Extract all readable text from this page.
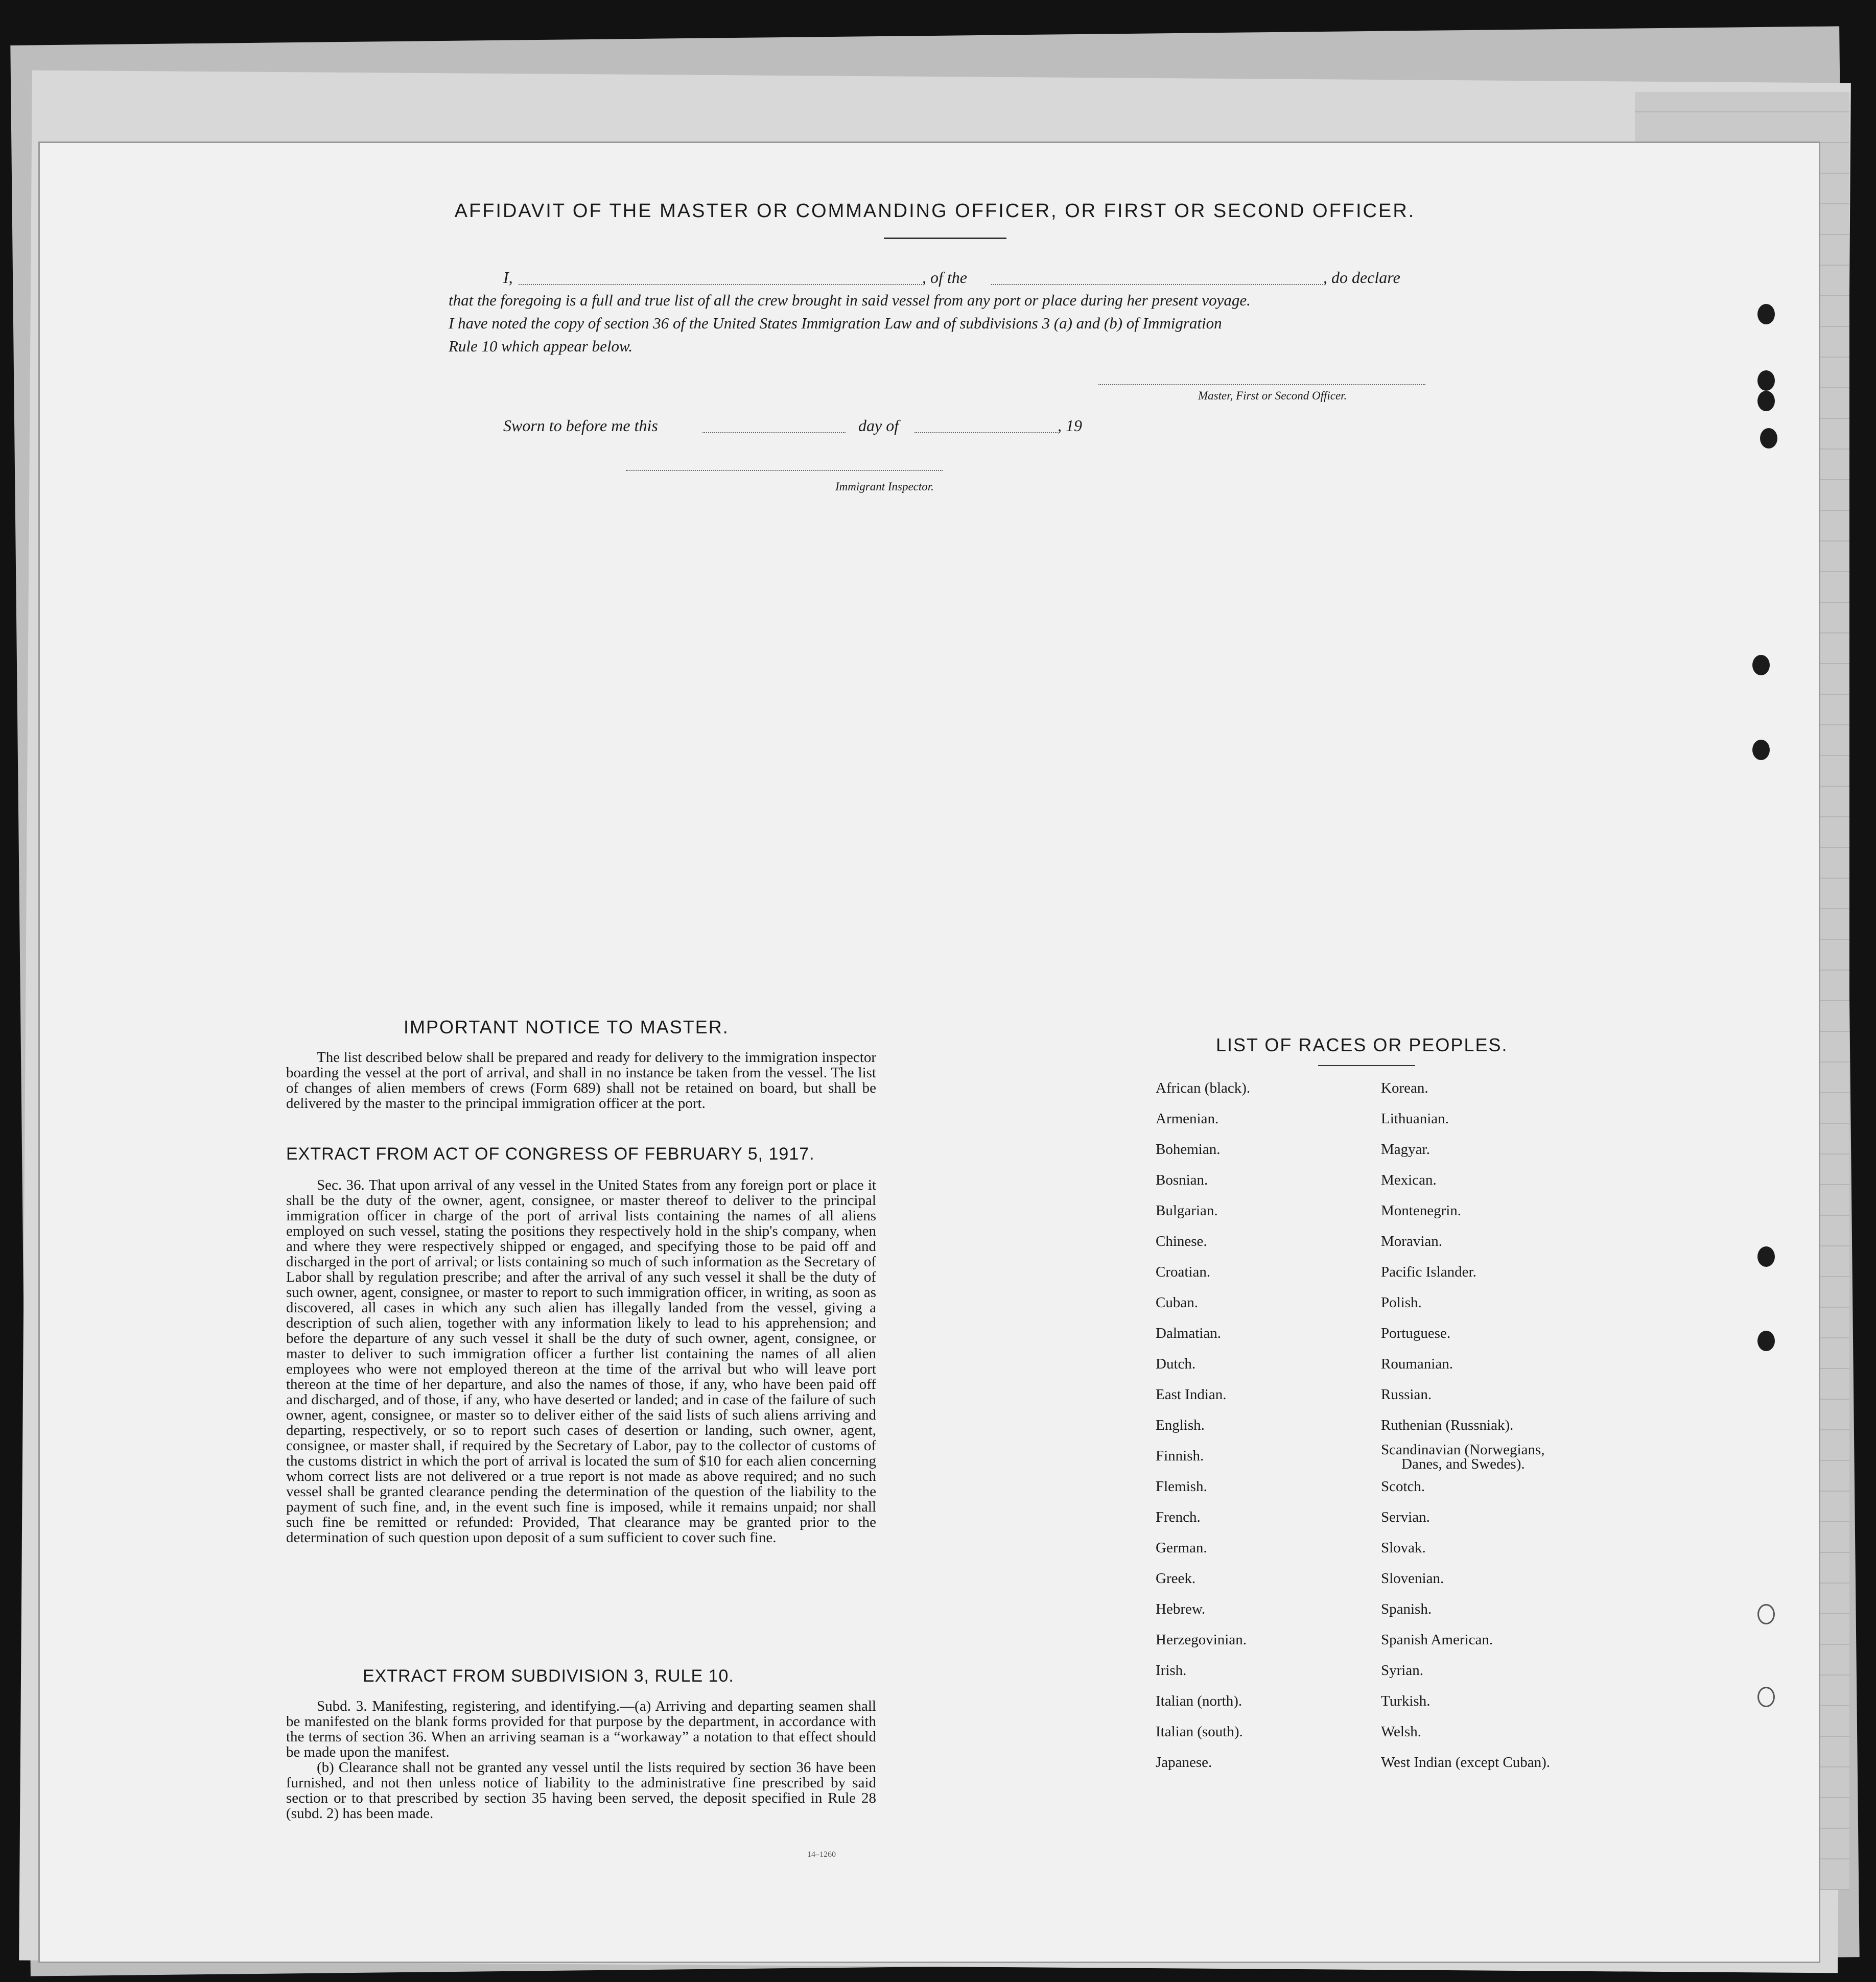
AFFIDAVIT OF THE MASTER OR COMMANDING OFFICER, OR FIRST OR SECOND OFFICER.
I,	, of the	, do declare
that the foregoing is a full and true list of all the crew brought in said vessel from any port or place during her present voyage.
I have noted the copy of section 36 of the United States Immigration Law and of subdivisions 3 (a) and (b) of Immigration
Rule 10 which appear below.
Master, First or Second Officer.
Sworn to before me this	day of	, 19
Immigrant Inspector.
IMPORTANT NOTICE TO MASTER.

The list described below shall be prepared and ready for delivery to the immigration inspector boarding the vessel at the port of arrival, and shall in no instance be taken from the vessel. The list of changes of alien members of crews (Form 689) shall not be retained on board, but shall be delivered by the master to the principal immigration officer at the port.

EXTRACT FROM ACT OF CONGRESS OF FEBRUARY 5, 1917.

Sec. 36. That upon arrival of any vessel in the United States from any foreign port or place it shall be the duty of the owner, agent, consignee, or master thereof to deliver to the principal immigration officer in charge of the port of arrival lists containing the names of all aliens employed on such vessel, stating the positions they respectively hold in the ship's company, when and where they were respectively shipped or engaged, and specifying those to be paid off and discharged in the port of arrival; or lists containing so much of such information as the Secretary of Labor shall by regulation prescribe; and after the arrival of any such vessel it shall be the duty of such owner, agent, consignee, or master to report to such immigration officer, in writing, as soon as discovered, all cases in which any such alien has illegally landed from the vessel, giving a description of such alien, together with any information likely to lead to his apprehension; and before the departure of any such vessel it shall be the duty of such owner, agent, consignee, or master to deliver to such immigration officer a further list containing the names of all alien employees who were not employed thereon at the time of the arrival but who will leave port thereon at the time of her departure, and also the names of those, if any, who have been paid off and discharged, and of those, if any, who have deserted or landed; and in case of the failure of such owner, agent, consignee, or master so to deliver either of the said lists of such aliens arriving and departing, respectively, or so to report such cases of desertion or landing, such owner, agent, consignee, or master shall, if required by the Secretary of Labor, pay to the collector of customs of the customs district in which the port of arrival is located the sum of $10 for each alien concerning whom correct lists are not delivered or a true report is not made as above required; and no such vessel shall be granted clearance pending the determination of the question of the liability to the payment of such fine, and, in the event such fine is imposed, while it remains unpaid; nor shall such fine be remitted or refunded: Provided, That clearance may be granted prior to the determination of such question upon deposit of a sum sufficient to cover such fine.

EXTRACT FROM SUBDIVISION 3, RULE 10.

Subd. 3. Manifesting, registering, and identifying.—(a) Arriving and departing seamen shall be manifested on the blank forms provided for that purpose by the department, in accordance with the terms of section 36. When an arriving seaman is a “workaway” a notation to that effect should be made upon the manifest.

(b) Clearance shall not be granted any vessel until the lists required by section 36 have been furnished, and not then unless notice of liability to the administrative fine prescribed by said section or to that prescribed by section 35 having been served, the deposit specified in Rule 28 (subd. 2) has been made.

14–1260
LIST OF RACES OR PEOPLES.
African (black).
Armenian.
Bohemian.
Bosnian.
Bulgarian.
Chinese.
Croatian.
Cuban.
Dalmatian.
Dutch.
East Indian.
English.
Finnish.
Flemish.
French.
German.
Greek.
Hebrew.
Herzegovinian.
Irish.
Italian (north).
Italian (south).
Japanese.
Korean.
Lithuanian.
Magyar.
Mexican.
Montenegrin.
Moravian.
Pacific Islander.
Polish.
Portuguese.
Roumanian.
Russian.
Ruthenian (Russniak).
Scandinavian (Norwegians,
Danes, and Swedes).
Scotch.
Servian.
Slovak.
Slovenian.
Spanish.
Spanish American.
Syrian.
Turkish.
Welsh.
West Indian (except Cuban).
